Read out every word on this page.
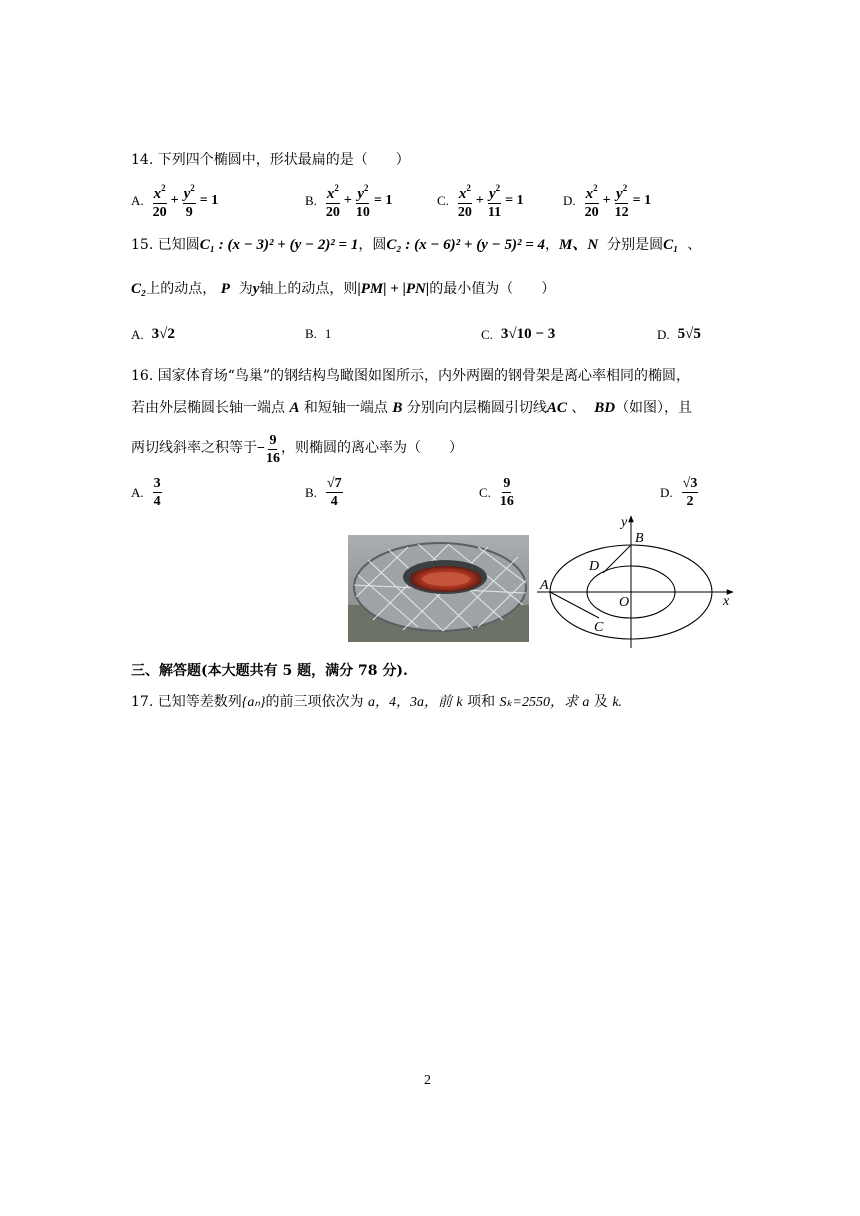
14. 下列四个椭圆中，形状最扁的是（　　）
A. $\frac{x^2}{20} + \frac{y^2}{9} = 1$	B. $\frac{x^2}{20} + \frac{y^2}{10} = 1$	C. $\frac{x^2}{20} + \frac{y^2}{11} = 1$	D. $\frac{x^2}{20} + \frac{y^2}{12} = 1$
15. 已知圆C₁ : (x − 3)² + (y − 2)² = 1，圆C₂ : (x − 6)² + (y − 5)² = 4，M、N 分别是圆C₁ 、
C₂上的动点， P 为y轴上的动点，则|PM| + |PN|的最小值为（　　）
A. 3√2	B. 1	C. 3√10 − 3	D. 5√5
16. 国家体育场“鸟巢”的钢结构鸟瞰图如图所示，内外两圈的钢骨架是离心率相同的椭圆，
若由外层椭圆长轴一端点 A 和短轴一端点 B 分别向内层椭圆引切线AC 、 BD（如图），且
两切线斜率之积等于 − $\frac{9}{16}$ ，则椭圆的离心率为（　　）
A. $\frac{3}{4}$	B. $\frac{√7}{4}$	C. $\frac{9}{16}$	D. $\frac{√3}{2}$
y
x
B
D
A
O
C
三、解答题(本大题共有 5 题，满分 78 分).
17. 已知等差数列{aₙ}的前三项依次为 a，4，3a，前 k 项和 Sₖ=2550，求 a 及 k.
2
